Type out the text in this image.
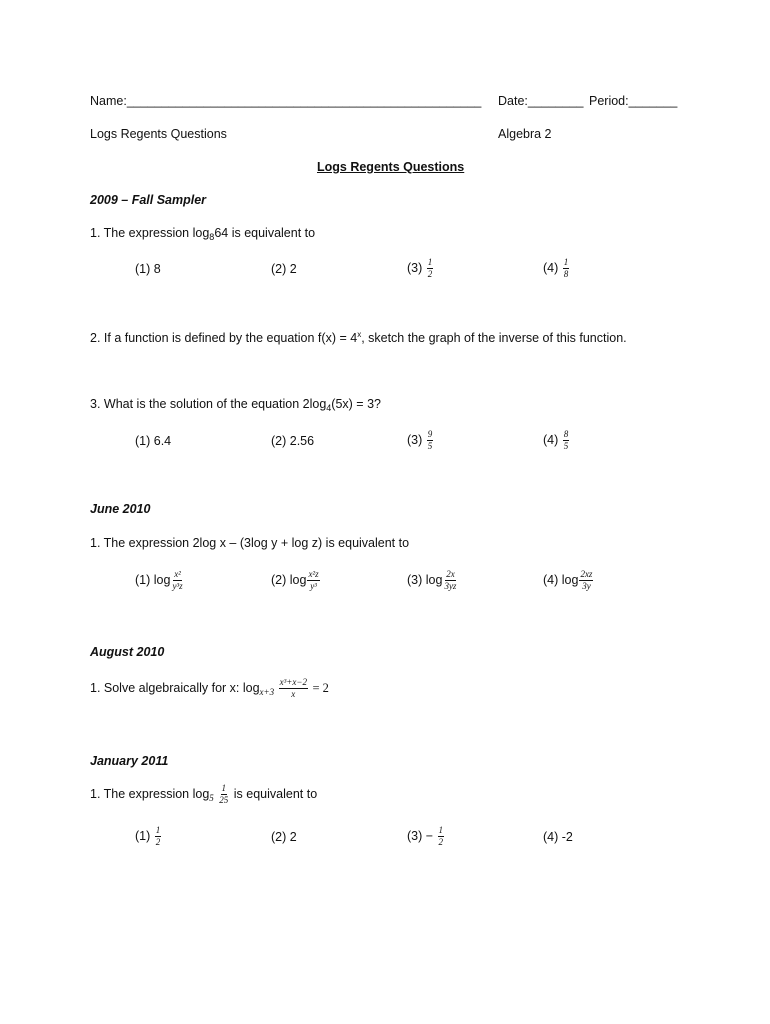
Name:___________________________________________________ Date:________ Period:_______
Logs Regents Questions	Algebra 2
Logs Regents Questions
2009 – Fall Sampler
1. The expression $\log_864$ is equivalent to
(1) 8	(2) 2	$(3) \frac{1}{2}$	$(4) \frac{1}{8}$
2. If a function is defined by the equation $f(x) = 4^x$, sketch the graph of the inverse of this function.
3. What is the solution of the equation $2\log_4(5x) = 3$?
(1) 6.4	(2) 2.56	$(3) \frac{9}{5}$	$(4) \frac{8}{5}$
June 2010
1. The expression 2log x – (3log y + log z) is equivalent to
(1) $\log \frac{\text{x²}}{\text{y³z}}$	(2) $\log \frac{\text{x²z}}{\text{y³}}$	(3) $\log \frac{2x}{3yz}$	(4) $\log \frac{2xz}{3y}$
August 2010
1. Solve algebraically for x: $\log_{x+3} \frac{\text{x³+x−2}}{x} = 2$
January 2011
1. The expression $\log_5 \frac{1}{25}$ is equivalent to
$(1) \frac{1}{2}$	(2) 2	$(3) - \frac{1}{2}$	(4) -2
